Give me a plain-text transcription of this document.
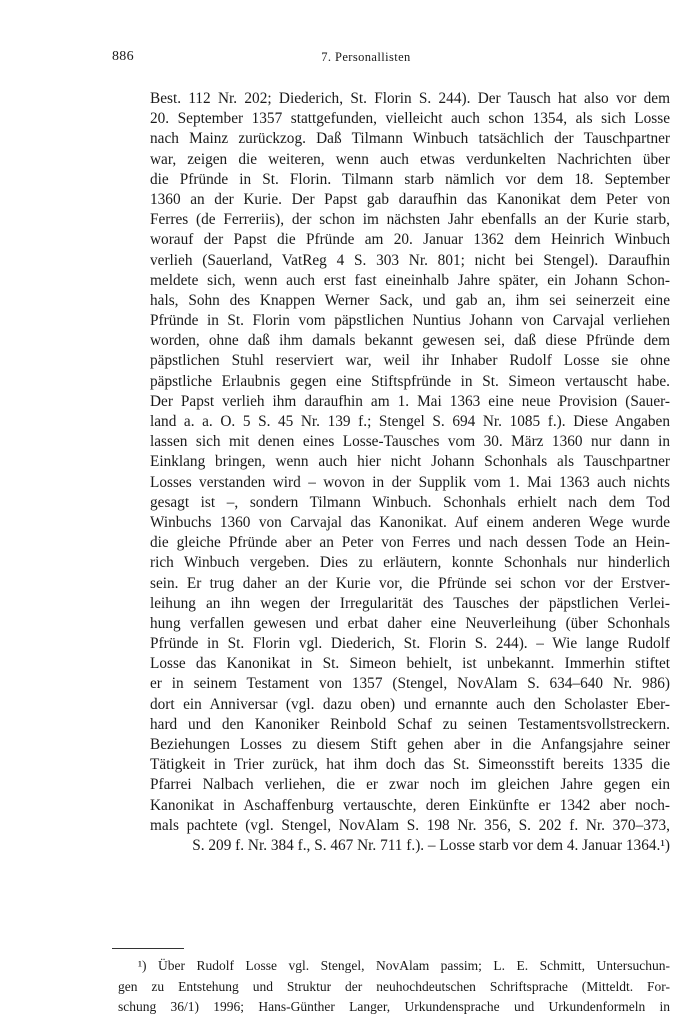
886	7. Personallisten
Best. 112 Nr. 202; Diederich, St. Florin S. 244). Der Tausch hat also vor dem
20. September 1357 stattgefunden, vielleicht auch schon 1354, als sich Losse
nach Mainz zurückzog. Daß Tilmann Winbuch tatsächlich der Tauschpartner
war, zeigen die weiteren, wenn auch etwas verdunkelten Nachrichten über
die Pfründe in St. Florin. Tilmann starb nämlich vor dem 18. September
1360 an der Kurie. Der Papst gab daraufhin das Kanonikat dem Peter von
Ferres (de Ferreriis), der schon im nächsten Jahr ebenfalls an der Kurie starb,
worauf der Papst die Pfründe am 20. Januar 1362 dem Heinrich Winbuch
verlieh (Sauerland, VatReg 4 S. 303 Nr. 801; nicht bei Stengel). Daraufhin
meldete sich, wenn auch erst fast eineinhalb Jahre später, ein Johann Schon-
hals, Sohn des Knappen Werner Sack, und gab an, ihm sei seinerzeit eine
Pfründe in St. Florin vom päpstlichen Nuntius Johann von Carvajal verliehen
worden, ohne daß ihm damals bekannt gewesen sei, daß diese Pfründe dem
päpstlichen Stuhl reserviert war, weil ihr Inhaber Rudolf Losse sie ohne
päpstliche Erlaubnis gegen eine Stiftspfründe in St. Simeon vertauscht habe.
Der Papst verlieh ihm daraufhin am 1. Mai 1363 eine neue Provision (Sauer-
land a. a. O. 5 S. 45 Nr. 139 f.; Stengel S. 694 Nr. 1085 f.). Diese Angaben
lassen sich mit denen eines Losse-Tausches vom 30. März 1360 nur dann in
Einklang bringen, wenn auch hier nicht Johann Schonhals als Tauschpartner
Losses verstanden wird – wovon in der Supplik vom 1. Mai 1363 auch nichts
gesagt ist –, sondern Tilmann Winbuch. Schonhals erhielt nach dem Tod
Winbuchs 1360 von Carvajal das Kanonikat. Auf einem anderen Wege wurde
die gleiche Pfründe aber an Peter von Ferres und nach dessen Tode an Hein-
rich Winbuch vergeben. Dies zu erläutern, konnte Schonhals nur hinderlich
sein. Er trug daher an der Kurie vor, die Pfründe sei schon vor der Erstver-
leihung an ihn wegen der Irregularität des Tausches der päpstlichen Verlei-
hung verfallen gewesen und erbat daher eine Neuverleihung (über Schonhals
Pfründe in St. Florin vgl. Diederich, St. Florin S. 244). – Wie lange Rudolf
Losse das Kanonikat in St. Simeon behielt, ist unbekannt. Immerhin stiftet
er in seinem Testament von 1357 (Stengel, NovAlam S. 634–640 Nr. 986)
dort ein Anniversar (vgl. dazu oben) und ernannte auch den Scholaster Eber-
hard und den Kanoniker Reinbold Schaf zu seinen Testamentsvollstreckern.
Beziehungen Losses zu diesem Stift gehen aber in die Anfangsjahre seiner
Tätigkeit in Trier zurück, hat ihm doch das St. Simeonsstift bereits 1335 die
Pfarrei Nalbach verliehen, die er zwar noch im gleichen Jahre gegen ein
Kanonikat in Aschaffenburg vertauschte, deren Einkünfte er 1342 aber noch-
mals pachtete (vgl. Stengel, NovAlam S. 198 Nr. 356, S. 202 f. Nr. 370–373,
S. 209 f. Nr. 384 f., S. 467 Nr. 711 f.). – Losse starb vor dem 4. Januar 1364.¹)
¹) Über Rudolf Losse vgl. Stengel, NovAlam passim; L. E. Schmitt, Untersuchun-
gen zu Entstehung und Struktur der neuhochdeutschen Schriftsprache (Mitteldt. For-
schung 36/1) 1996; Hans-Günther Langer, Urkundensprache und Urkundenformeln in
